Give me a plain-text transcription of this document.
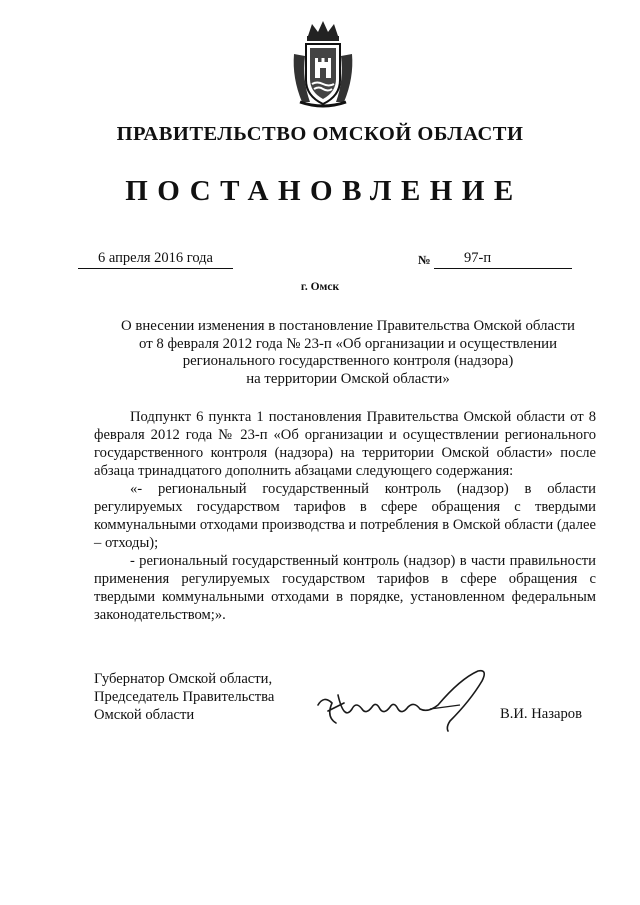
ПРАВИТЕЛЬСТВО ОМСКОЙ ОБЛАСТИ
ПОСТАНОВЛЕНИЕ
6 апреля 2016 года	№	97-п
г. Омск
О внесении изменения в постановление Правительства Омской области
от 8 февраля 2012 года № 23-п «Об организации и осуществлении
регионального государственного контроля (надзора)
на территории Омской области»

Подпункт 6 пункта 1 постановления Правительства Омской области от 8 февраля 2012 года № 23-п «Об организации и осуществлении регионального государственного контроля (надзора) на территории Омской области» после абзаца тринадцатого дополнить абзацами следующего содержания:

«- региональный государственный контроль (надзор) в области регулируемых государством тарифов в сфере обращения с твердыми коммунальными отходами производства и потребления в Омской области (далее – отходы);

- региональный государственный контроль (надзор) в части правильности применения регулируемых государством тарифов в сфере обращения с твердыми коммунальными отходами в порядке, установленном федеральным законодательством;».

Губернатор Омской области,
Председатель Правительства
Омской области	В.И. Назаров
